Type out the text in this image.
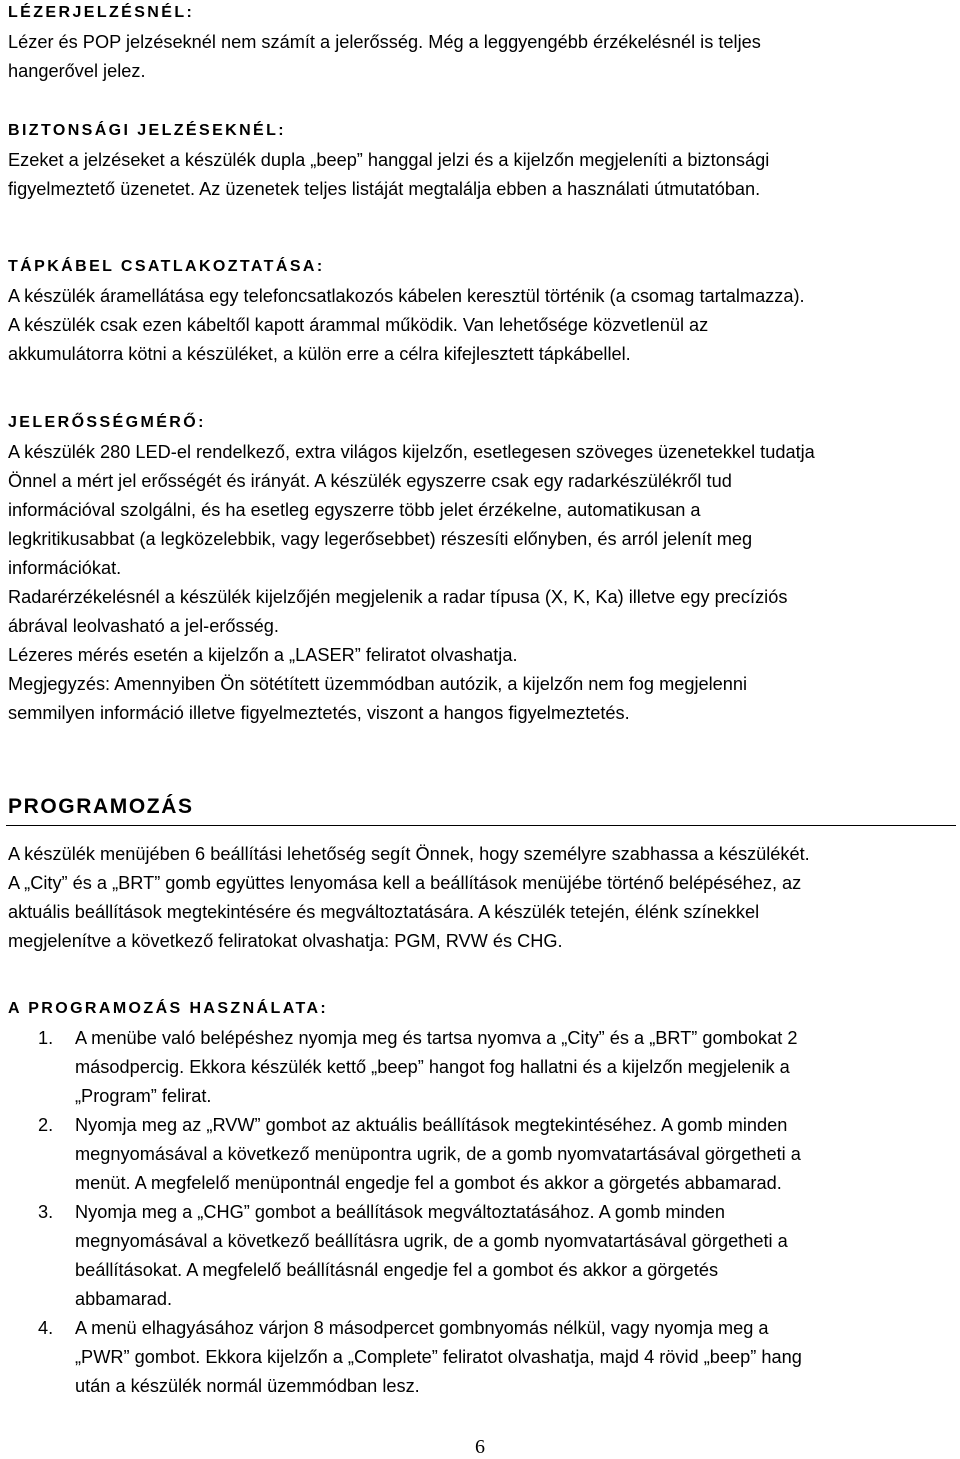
LÉZERJELZÉSNÉL:
Lézer és POP jelzéseknél nem számít a jelerősség. Még a leggyengébb érzékelésnél is teljes
hangerővel jelez.
BIZTONSÁGI JELZÉSEKNÉL:
Ezeket a jelzéseket a készülék dupla „beep” hanggal jelzi és a kijelzőn megjeleníti a biztonsági
figyelmeztető üzenetet. Az üzenetek teljes listáját megtalálja ebben a használati útmutatóban.
TÁPKÁBEL CSATLAKOZTATÁSA:
A készülék áramellátása egy telefoncsatlakozós kábelen keresztül történik (a csomag tartalmazza).
A készülék csak ezen kábeltől kapott árammal működik. Van lehetősége közvetlenül az
akkumulátorra kötni a készüléket, a külön erre a célra kifejlesztett tápkábellel.
JELERŐSSÉGMÉRŐ:
A készülék 280 LED-el rendelkező, extra világos kijelzőn, esetlegesen szöveges üzenetekkel tudatja
Önnel a mért jel erősségét és irányát. A készülék egyszerre csak egy radarkészülékről tud
információval szolgálni, és ha esetleg egyszerre több jelet érzékelne, automatikusan a
legkritikusabbat (a legközelebbik, vagy legerősebbet) részesíti előnyben, és arról jelenít meg
információkat.
Radarérzékelésnél a készülék kijelzőjén megjelenik a radar típusa (X, K, Ka) illetve egy precíziós
ábrával leolvasható a jel-erősség.
Lézeres mérés esetén a kijelzőn a „LASER” feliratot olvashatja.
Megjegyzés: Amennyiben Ön sötétített üzemmódban autózik, a kijelzőn nem fog megjelenni
semmilyen információ illetve figyelmeztetés, viszont a hangos figyelmeztetés.
PROGRAMOZÁS
A készülék menüjében 6 beállítási lehetőség segít Önnek, hogy személyre szabhassa a készülékét.
A „City” és a „BRT” gomb együttes lenyomása kell a beállítások menüjébe történő belépéséhez, az
aktuális beállítások megtekintésére és megváltoztatására. A készülék tetején, élénk színekkel
megjelenítve a következő feliratokat olvashatja: PGM, RVW és CHG.
A PROGRAMOZÁS HASZNÁLATA:
1. A menübe való belépéshez nyomja meg és tartsa nyomva a „City” és a „BRT” gombokat 2
másodpercig. Ekkora készülék kettő „beep” hangot fog hallatni és a kijelzőn megjelenik a
„Program” felirat.
2. Nyomja meg az „RVW” gombot az aktuális beállítások megtekintéséhez. A gomb minden
megnyomásával a következő menüpontra ugrik, de a gomb nyomvatartásával görgetheti a
menüt. A megfelelő menüpontnál engedje fel a gombot és akkor a görgetés abbamarad.
3. Nyomja meg a „CHG” gombot a beállítások megváltoztatásához. A gomb minden
megnyomásával a következő beállításra ugrik, de a gomb nyomvatartásával görgetheti a
beállításokat. A megfelelő beállításnál engedje fel a gombot és akkor a görgetés
abbamarad.
4. A menü elhagyásához várjon 8 másodpercet gombnyomás nélkül, vagy nyomja meg a
„PWR” gombot. Ekkora kijelzőn a „Complete” feliratot olvashatja, majd 4 rövid „beep” hang
után a készülék normál üzemmódban lesz.
6
